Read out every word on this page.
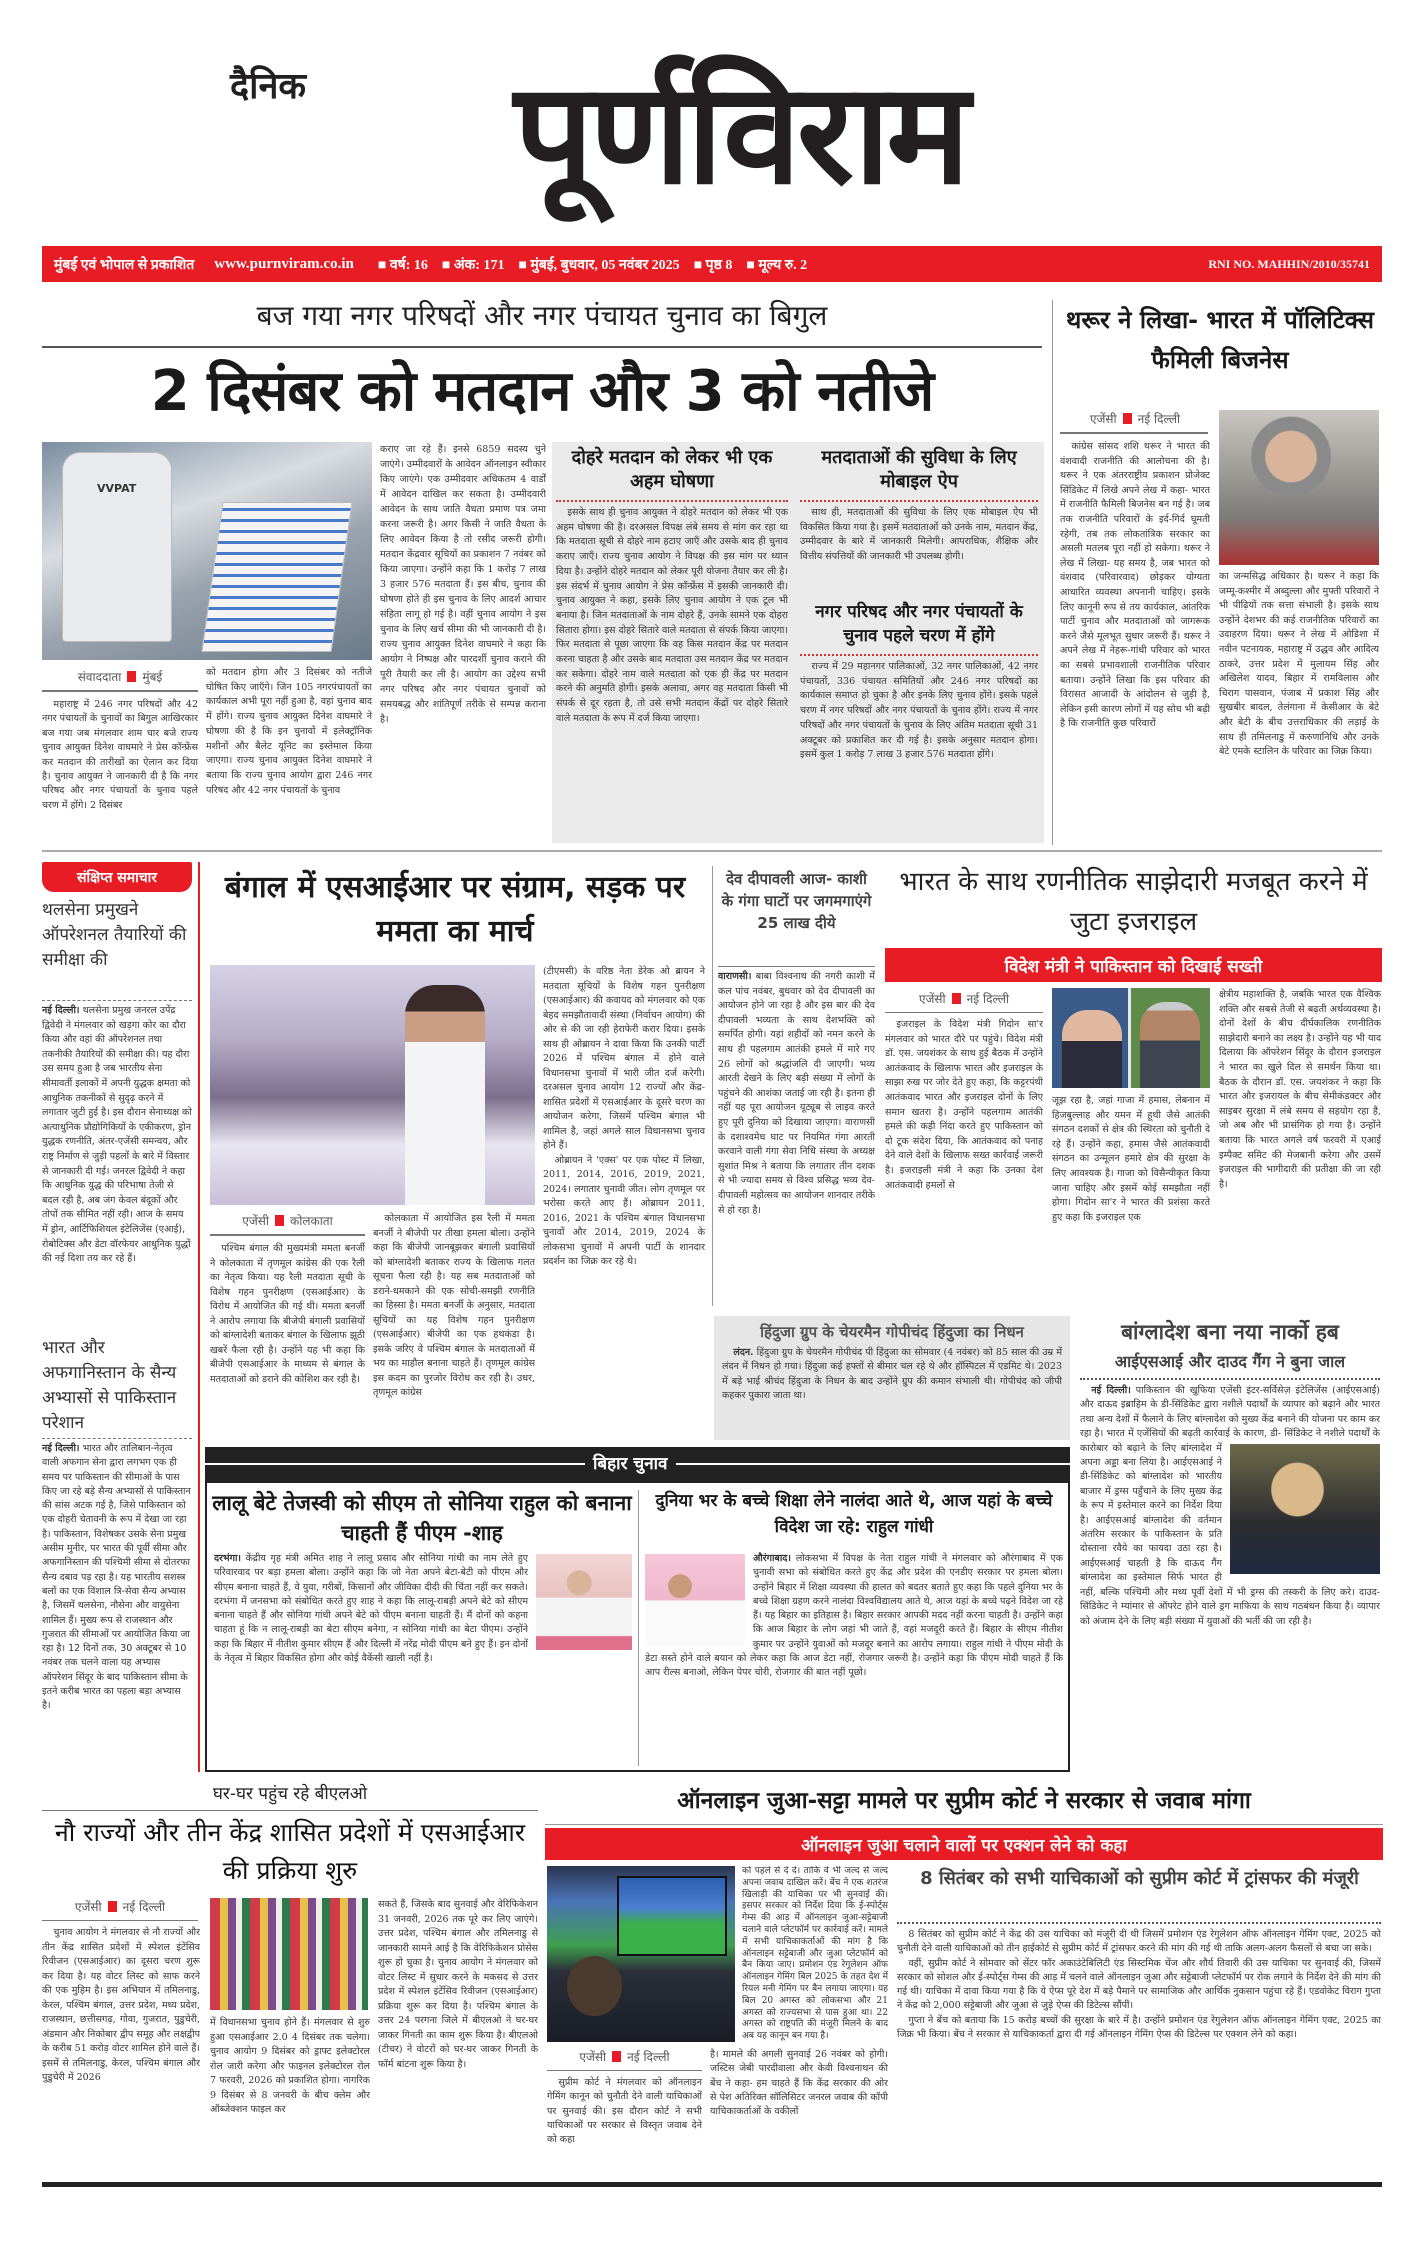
दैनिक	पूर्णविराम
मुंबई एवं भोपाल से प्रकाशित www.purnviram.co.in ■ वर्ष: 16 ■ अंक: 171 ■ मुंबई, बुधवार, 05 नवंबर 2025 ■ पृष्ठ 8 ■ मूल्य रु. 2	RNI NO. MAHHIN/2010/35741
बज गया नगर परिषदों और नगर पंचायत चुनाव का बिगुल
2 दिसंबर को मतदान और 3 को नतीजे
VVPAT
संवाददाता मुंबई
महाराष्ट्र में 246 नगर परिषदों और 42 नगर पंचायतों के चुनावों का बिगुल आखिरकार बज गया जब मंगलवार शाम चार बजे राज्य चुनाव आयुक्त दिनेश वाघमारे ने प्रेस कॉन्फ्रेंस कर मतदान की तारीखों का ऐलान कर दिया है। चुनाव आयुक्त ने जानकारी दी है कि नगर परिषद और नगर पंचायतों के चुनाव पहले चरण में होंगे। 2 दिसंबर
को मतदान होगा और 3 दिसंबर को नतीजे घोषित किए जाएँगे। जिन 105 नगरपंचायतों का कार्यकाल अभी पूरा नहीं हुआ है, वहां चुनाव बाद में होंगे। राज्य चुनाव आयुक्त दिनेश वाघमारे ने घोषणा की है कि इन चुनावों में इलेक्ट्रॉनिक मशीनों और बैलेट यूनिट का इस्तेमाल किया जाएगा। राज्य चुनाव आयुक्त दिनेश वाघमारे ने बताया कि राज्य चुनाव आयोग द्वारा 246 नगर परिषद और 42 नगर पंचायतों के चुनाव
कराए जा रहे हैं। इनसे 6859 सदस्य चुने जाएंगे। उम्मीदवारों के आवेदन ऑनलाइन स्वीकार किए जाएंगे। एक उम्मीदवार अधिकतम 4 वार्डों में आवेदन दाखिल कर सकता है। उम्मीदवारी आवेदन के साथ जाति वैधता प्रमाण पत्र जमा करना जरूरी है। अगर किसी ने जाति वैधता के लिए आवेदन किया है तो रसीद जरूरी होगी। मतदान केंद्रवार सूचियों का प्रकाशन 7 नवंबर को किया जाएगा। उन्होंने कहा कि 1 करोड़ 7 लाख 3 हजार 576 मतदाता हैं। इस बीच, चुनाव की घोषणा होते ही इस चुनाव के लिए आदर्श आचार संहिता लागू हो गई है। वहीं चुनाव आयोग ने इस चुनाव के लिए खर्च सीमा की भी जानकारी दी है। राज्य चुनाव आयुक्त दिनेश वाघमारे ने कहा कि आयोग ने निष्पक्ष और पारदर्शी चुनाव कराने की पूरी तैयारी कर ली है। आयोग का उद्देश्य सभी नगर परिषद और नगर पंचायत चुनावों को समयबद्ध और शांतिपूर्ण तरीके से सम्पन्न कराना है।
दोहरे मतदान को लेकर भी एक अहम घोषणा
इसके साथ ही चुनाव आयुक्त ने दोहरे मतदान को लेकर भी एक अहम घोषणा की है। दरअसल विपक्ष लंबे समय से मांग कर रहा था कि मतदाता सूची से दोहरे नाम हटाए जाएँ और उसके बाद ही चुनाव कराए जाएँ। राज्य चुनाव आयोग ने विपक्ष की इस मांग पर ध्यान दिया है। उन्होंने दोहरे मतदान को लेकर पूरी योजना तैयार कर ली है। इस संदर्भ में चुनाव आयोग ने प्रेस कॉन्फ्रेंस में इसकी जानकारी दी। चुनाव आयुक्त ने कहा, इसके लिए चुनाव आयोग ने एक टूल भी बनाया है। जिन मतदाताओं के नाम दोहरे हैं, उनके सामने एक दोहरा सितारा होगा। इस दोहरे सितारे वाले मतदाता से संपर्क किया जाएगा। फिर मतदाता से पूछा जाएगा कि वह किस मतदान केंद्र पर मतदान करना चाहता है और उसके बाद मतदाता उस मतदान केंद्र पर मतदान कर सकेगा। दोहरे नाम वाले मतदाता को एक ही केंद्र पर मतदान करने की अनुमति होगी। इसके अलावा, अगर वह मतदाता किसी भी संपर्क से दूर रहता है, तो उसे सभी मतदान केंद्रों पर दोहरे सितारे वाले मतदाता के रूप में दर्ज किया जाएगा।
मतदाताओं की सुविधा के लिए मोबाइल ऐप
साथ ही, मतदाताओं की सुविधा के लिए एक मोबाइल ऐप भी विकसित किया गया है। इसमें मतदाताओं को उनके नाम, मतदान केंद्र, उम्मीदवार के बारे में जानकारी मिलेगी। आपराधिक, शैक्षिक और वित्तीय संपत्तियों की जानकारी भी उपलब्ध होगी।
नगर परिषद और नगर पंचायतों के चुनाव पहले चरण में होंगे
राज्य में 29 महानगर पालिकाओं, 32 नगर पालिकाओं, 42 नगर पंचायतों, 336 पंचायत समितियों और 246 नगर परिषदों का कार्यकाल समाप्त हो चुका है और इनके लिए चुनाव होंगे। इसके पहले चरण में नगर परिषदों और नगर पंचायतों के चुनाव होंगे। राज्य में नगर परिषदों और नगर पंचायतों के चुनाव के लिए अंतिम मतदाता सूची 31 अक्टूबर को प्रकाशित कर दी गई है। इसके अनुसार मतदान होगा। इसमें कुल 1 करोड़ 7 लाख 3 हजार 576 मतदाता होंगे।
थरूर ने लिखा- भारत में पॉलिटिक्स फैमिली बिजनेस
एजेंसी नई दिल्ली
कांग्रेस सांसद शशि थरूर ने भारत की वंशवादी राजनीति की आलोचना की है। थरूर ने एक अंतरराष्ट्रीय प्रकाशन प्रोजेक्ट सिंडिकेट में लिखे अपने लेख में कहा- भारत में राजनीति फैमिली बिजनेस बन गई है। जब तक राजनीति परिवारों के इर्द-गिर्द घूमती रहेगी, तब तक लोकतांत्रिक सरकार का असली मतलब पूरा नहीं हो सकेगा। थरूर ने लेख में लिखा- यह समय है, जब भारत को वंशवाद (परिवारवाद) छोड़कर योग्यता आधारित व्यवस्था अपनानी चाहिए। इसके लिए कानूनी रूप से तय कार्यकाल, आंतरिक पार्टी चुनाव और मतदाताओं को जागरूक करने जैसे मूलभूत सुधार जरूरी हैं। थरूर ने अपने लेख में नेहरू-गांधी परिवार को भारत का सबसे प्रभावशाली राजनीतिक परिवार बताया। उन्होंने लिखा कि इस परिवार की विरासत आजादी के आंदोलन से जुड़ी है, लेकिन इसी कारण लोगों में यह सोच भी बढ़ी है कि राजनीति कुछ परिवारों
का जन्मसिद्ध अधिकार है। थरूर ने कहा कि जम्मू-कश्मीर में अब्दुल्ला और मुफ्ती परिवारों ने भी पीढ़ियों तक सत्ता संभाली है। इसके साथ उन्होंने देशभर की कई राजनीतिक परिवारों का उदाहरण दिया। थरूर ने लेख में ओडिशा में नवीन पटनायक, महाराष्ट्र में उद्धव और आदित्य ठाकरे, उत्तर प्रदेश में मुलायम सिंह और अखिलेश यादव, बिहार में रामविलास और चिराग पासवान, पंजाब में प्रकाश सिंह और सुखबीर बादल, तेलंगाना में केसीआर के बेटे और बेटी के बीच उत्तराधिकार की लड़ाई के साथ ही तमिलनाडु में करुणानिधि और उनके बेटे एमके स्टालिन के परिवार का जिक्र किया।
संक्षिप्त समाचार
थलसेना प्रमुखने ऑपरेशनल तैयारियों की समीक्षा की
नई दिल्ली। थलसेना प्रमुख जनरल उपेंद्र द्विवेदी ने मंगलवार को खड़गा कोर का दौरा किया और वहां की ऑपरेशनल तथा तकनीकी तैयारियों की समीक्षा की। यह दौरा उस समय हुआ है जब भारतीय सेना सीमावर्ती इलाकों में अपनी युद्धक क्षमता को आधुनिक तकनीकों से सुदृढ़ करने में लगातार जुटी हुई है। इस दौरान सेनाध्यक्ष को अत्याधुनिक प्रौद्योगिकियों के एकीकरण, ड्रोन युद्धक रणनीति, अंतर-एजेंसी समन्वय, और राष्ट्र निर्माण से जुड़ी पहलों के बारे में विस्तार से जानकारी दी गई। जनरल द्विवेदी ने कहा कि आधुनिक युद्ध की परिभाषा तेजी से बदल रही है, अब जंग केवल बंदूकों और तोपों तक सीमित नहीं रही। आज के समय में ड्रोन, आर्टिफिशियल इंटेलिजेंस (एआई), रोबोटिक्स और डेटा वॉरफेयर आधुनिक युद्धों की नई दिशा तय कर रहे हैं।
भारत और अफगानिस्तान के सैन्य अभ्यासों से पाकिस्तान परेशान
नई दिल्ली। भारत और तालिबान-नेतृत्व वाली अफगान सेना द्वारा लगभग एक ही समय पर पाकिस्तान की सीमाओं के पास किए जा रहे बड़े सैन्य अभ्यासों से पाकिस्तान की सांस अटक गई है, जिसे पाकिस्तान को एक दोहरी चेतावनी के रूप में देखा जा रहा है। पाकिस्तान, विशेषकर उसके सेना प्रमुख असीम मुनीर, पर भारत की पूर्वी सीमा और अफगानिस्तान की पश्चिमी सीमा से दोतरफा सैन्य दबाव पड़ रहा है। यह भारतीय सशस्त्र बलों का एक विशाल त्रि-सेवा सैन्य अभ्यास है, जिसमें थलसेना, नौसेना और वायुसेना शामिल हैं। मुख्य रूप से राजस्थान और गुजरात की सीमाओं पर आयोजित किया जा रहा है। 12 दिनों तक, 30 अक्टूबर से 10 नवंबर तक चलने वाला यह अभ्यास ऑपरेशन सिंदूर के बाद पाकिस्तान सीमा के इतने करीब भारत का पहला बड़ा अभ्यास है।
बंगाल में एसआईआर पर संग्राम, सड़क पर ममता का मार्च
एजेंसी कोलकाता
पश्चिम बंगाल की मुख्यमंत्री ममता बनर्जी ने कोलकाता में तृणमूल कांग्रेस की एक रैली का नेतृत्व किया। यह रैली मतदाता सूची के विशेष गहन पुनरीक्षण (एसआईआर) के विरोध में आयोजित की गई थी। ममता बनर्जी ने आरोप लगाया कि बीजेपी बंगाली प्रवासियों को बांग्लादेशी बताकर बंगाल के खिलाफ झूठी खबरें फैला रही है। उन्होंने यह भी कहा कि बीजेपी एसआईआर के माध्यम से बंगाल के मतदाताओं को डराने की कोशिश कर रही है।
कोलकाता में आयोजित इस रैली में ममता बनर्जी ने बीजेपी पर तीखा हमला बोला। उन्होंने कहा कि बीजेपी जानबूझकर बंगाली प्रवासियों को बांग्लादेशी बताकर राज्य के खिलाफ गलत सूचना फैला रही है। यह सब मतदाताओं को डराने-धमकाने की एक सोची-समझी रणनीति का हिस्सा है। ममता बनर्जी के अनुसार, मतदाता सूचियों का यह विशेष गहन पुनरीक्षण (एसआईआर) बीजेपी का एक हथकंडा है। इसके जरिए वे पश्चिम बंगाल के मतदाताओं में भय का माहौल बनाना चाहते हैं। तृणमूल कांग्रेस इस कदम का पुरजोर विरोध कर रही है। उधर, तृणमूल कांग्रेस

(टीएमसी) के वरिष्ठ नेता डेरेक ओ ब्रायन ने मतदाता सूचियों के विशेष गहन पुनरीक्षण (एसआईआर) की कवायद को मंगलवार को एक बेहद समझौतावादी संस्था (निर्वाचन आयोग) की ओर से की जा रही हेराफेरी करार दिया। इसके साथ ही ओब्रायन ने दावा किया कि उनकी पार्टी 2026 में पश्चिम बंगाल में होने वाले विधानसभा चुनावों में भारी जीत दर्ज करेगी। दरअसल चुनाव आयोग 12 राज्यों और केंद्र-शासित प्रदेशों में एसआईआर के दूसरे चरण का आयोजन करेगा, जिसमें पश्चिम बंगाल भी शामिल है, जहां अगले साल विधानसभा चुनाव होने हैं।

ओब्रायन ने 'एक्स' पर एक पोस्ट में लिखा, 2011, 2014, 2016, 2019, 2021, 2024। लगातार चुनावी जीत। लोग तृणमूल पर भरोसा करते आए हैं। ओब्रायन 2011, 2016, 2021 के पश्चिम बंगाल विधानसभा चुनावों और 2014, 2019, 2024 के लोकसभा चुनावों में अपनी पार्टी के शानदार प्रदर्शन का जिक्र कर रहे थे।

देव दीपावली आज- काशी के गंगा घाटों पर जगमगाएंगे 25 लाख दीये
वाराणसी। बाबा विश्वनाथ की नगरी काशी में कल पांच नवंबर, बुधवार को देव दीपावली का आयोजन होने जा रहा है और इस बार की देव दीपावली भव्यता के साथ देशभक्ति को समर्पित होगी। यहां शहीदों को नमन करने के साथ ही पहलगाम आतंकी हमले में मारे गए 26 लोगों को श्रद्धांजलि दी जाएगी। भव्य आरती देखने के लिए बड़ी संख्या में लोगों के पहुंचने की आशंका जताई जा रही है। इतना ही नहीं यह पूरा आयोजन यूट्यूब से लाइव करते हुए पूरी दुनिया को दिखाया जाएगा। वाराणसी के दशाश्वमेध घाट पर नियमित गंगा आरती करवाने वाली गंगा सेवा निधि संस्था के अध्यक्ष सुशांत मिश्र ने बताया कि लगातार तीन दशक से भी ज्यादा समय से विश्व प्रसिद्ध भव्य देव-दीपावली महोत्सव का आयोजन शानदार तरीके से हो रहा है।
भारत के साथ रणनीतिक साझेदारी मजबूत करने में जुटा इजराइल
विदेश मंत्री ने पाकिस्तान को दिखाई सख्ती
एजेंसी नई दिल्ली
इजराइल के विदेश मंत्री गिदोन सा'र मंगलवार को भारत दौरे पर पहुंचे। विदेश मंत्री डॉ. एस. जयशंकर के साथ हुई बैठक में उन्होंने आतंकवाद के खिलाफ भारत और इजराइल के साझा रुख पर जोर देते हुए कहा, कि कट्टरपंथी आतंकवाद भारत और इजराइल दोनों के लिए समान खतरा है। उन्होंने पहलगाम आतंकी हमले की कड़ी निंदा करते हुए पाकिस्तान को दो टूक संदेश दिया, कि आतंकवाद को पनाह देने वाले देशों के खिलाफ सख्त कार्रवाई जरूरी है। इजराइली मंत्री ने कहा कि उनका देश आतंकवादी हमलों से
जूझ रहा है, जहां गाजा में हमास, लेबनान में हिजबुल्लाह और यमन में हूथी जैसे आतंकी संगठन दशकों से क्षेत्र की स्थिरता को चुनौती दे रहे हैं। उन्होंने कहा, हमास जैसे आतंकवादी संगठन का उन्मूलन हमारे क्षेत्र की सुरक्षा के लिए आवश्यक है। गाजा को विसैन्यीकृत किया जाना चाहिए और इसमें कोई समझौता नहीं होगा। गिदोन सा'र ने भारत की प्रशंसा करते हुए कहा कि इजराइल एक
क्षेत्रीय महाशक्ति है, जबकि भारत एक वैश्विक शक्ति और सबसे तेजी से बढ़ती अर्थव्यवस्था है। दोनों देशों के बीच दीर्घकालिक रणनीतिक साझेदारी बनाने का लक्ष्य है। उन्होंने यह भी याद दिलाया कि ऑपरेशन सिंदूर के दौरान इजराइल ने भारत का खुले दिल से समर्थन किया था। बैठक के दौरान डॉ. एस. जयशंकर ने कहा कि भारत और इजरायल के बीच सेमीकंडक्टर और साइबर सुरक्षा में लंबे समय से सहयोग रहा है, जो अब और भी प्रासंगिक हो गया है। उन्होंने बताया कि भारत अगले वर्ष फरवरी में एआई इम्पैक्ट समिट की मेजबानी करेगा और उसमें इजराइल की भागीदारी की प्रतीक्षा की जा रही है।
हिंदुजा ग्रुप के चेयरमैन गोपीचंद हिंदुजा का निधन
लंदन. हिंदुजा ग्रुप के चेयरमैन गोपीचंद पी हिंदुजा का सोमवार (4 नवंबर) को 85 साल की उम्र में लंदन में निधन हो गया। हिंदुजा कई हफ्तों से बीमार चल रहे थे और हॉस्पिटल में एडमिट थे। 2023 में बड़े भाई श्रीचंद हिंदुजा के निधन के बाद उन्होंने ग्रुप की कमान संभाली थी। गोपीचंद को जीपी कहकर पुकारा जाता था।
बिहार चुनाव
लालू बेटे तेजस्वी को सीएम तो सोनिया राहुल को बनाना चाहती हैं पीएम -शाह
दरभंगा। केंद्रीय गृह मंत्री अमित शाह ने लालू प्रसाद और सोनिया गांधी का नाम लेते हुए परिवारवाद पर बड़ा हमला बोला। उन्होंने कहा कि जो नेता अपने बेटा-बेटी को पीएम और सीएम बनाना चाहते हैं, वे युवा, गरीबों, किसानों और जीविका दीदी की चिंता नहीं कर सकते। दरभंगा में जनसभा को संबोधित करते हुए शाह ने कहा कि लालू-राबड़ी अपने बेटे को सीएम बनाना चाहते हैं और सोनिया गांधी अपने बेटे को पीएम बनाना चाहती हैं। मैं दोनों को कहना चाहता हूं कि न लालू-राबड़ी का बेटा सीएम बनेगा, न सोनिया गांधी का बेटा पीएम। उन्होंने कहा कि बिहार में नीतीश कुमार सीएम हैं और दिल्ली में नरेंद्र मोदी पीएम बने हुए हैं। इन दोनों के नेतृत्व में बिहार विकसित होगा और कोई वैकेंसी खाली नहीं है।
दुनिया भर के बच्चे शिक्षा लेने नालंदा आते थे, आज यहां के बच्चे विदेश जा रहे: राहुल गांधी
औरंगाबाद। लोकसभा में विपक्ष के नेता राहुल गांधी ने मंगलवार को औरंगाबाद में एक चुनावी सभा को संबोधित करते हुए केंद्र और प्रदेश की एनडीए सरकार पर हमला बोला। उन्होंने बिहार में शिक्षा व्यवस्था की हालत को बदतर बताते हुए कहा कि पहले दुनिया भर के बच्चे शिक्षा ग्रहण करने नालंदा विश्वविद्यालय आते थे, आज यहां के बच्चे पढ़ने विदेश जा रहे हैं। यह बिहार का इतिहास है। बिहार सरकार आपकी मदद नहीं करना चाहती है। उन्होंने कहा कि आज बिहार के लोग जहां भी जाते हैं, वहां मजदूरी करते हैं। बिहार के सीएम नीतीश कुमार पर उन्होंने युवाओं को मजदूर बनाने का आरोप लगाया। राहुल गांधी ने पीएम मोदी के डेटा सस्ते होने वाले बयान को लेकर कहा कि आज डेटा नहीं, रोजगार जरूरी है। उन्होंने कहा कि पीएम मोदी चाहते हैं कि आप रील्स बनाओ, लेकिन पेपर चोरी, रोजगार की बात नहीं पूछो।
बांग्लादेश बना नया नार्को हब
आईएसआई और दाउद गैंग ने बुना जाल
नई दिल्ली। पाकिस्तान की खुफिया एजेंसी इंटर-सर्विसेज़ इंटेलिजेंस (आईएसआई) और दाऊद इब्राहिम के डी-सिंडिकेट द्वारा नशीले पदार्थों के व्यापार को बढ़ाने और भारत तथा अन्य देशों में फैलाने के लिए बांग्लादेश को मुख्य केंद्र बनाने की योजना पर काम कर रहा है। भारत में एजेंसियों की बढ़ती कार्रवाई के कारण, डी- सिंडिकेट ने नशीले पदार्थों के कारोबार को बढ़ाने के लिए बांग्लादेश में अपना अड्डा बना लिया है। आईएसआई ने डी-सिंडिकेट को बांग्लादेश को भारतीय बाजार में ड्रग्स पहुँचाने के लिए मुख्य केंद्र के रूप में इस्तेमाल करने का निर्देश दिया है। आईएसआई बांग्लादेश की वर्तमान अंतरिम सरकार के पाकिस्तान के प्रति दोस्ताना रवैये का फायदा उठा रहा है। आईएसआई चाहती है कि दाऊद गैंग बांग्लादेश का इस्तेमाल सिर्फ भारत ही नहीं, बल्कि पश्चिमी और मध्य पूर्वी देशों में भी ड्रग्स की तस्करी के लिए करे। दाउद-सिंडिकेट ने म्यांमार से ऑपरेट होने वाले ड्रग माफिया के साथ गठबंधन किया है। व्यापार को अंजाम देने के लिए बड़ी संख्या में युवाओं की भर्ती की जा रही है।
घर-घर पहुंच रहे बीएलओ
नौ राज्यों और तीन केंद्र शासित प्रदेशों में एसआईआर की प्रक्रिया शुरु
एजेंसी नई दिल्ली
चुनाव आयोग ने मंगलवार से नौ राज्यों और तीन केंद्र शासित प्रदेशों में स्पेशल इंटेंसिव रिवीजन (एसआईआर) का दूसरा चरण शुरू कर दिया है। यह वोटर लिस्ट को साफ करने की एक मुहिम है। इस अभियान में तमिलनाडु, केरल, पश्चिम बंगाल, उत्तर प्रदेश, मध्य प्रदेश, राजस्थान, छत्तीसगढ़, गोवा, गुजरात, पुडुचेरी, अंडमान और निकोबार द्वीप समूह और लक्षद्वीप के करीब 51 करोड़ वोटर शामिल होने वाले हैं। इसमें से तमिलनाडु, केरल, पश्चिम बंगाल और पुडुचेरी में 2026
में विधानसभा चुनाव होने हैं। मंगलवार से शुरु हुआ एसआईआर 2.0 4 दिसंबर तक चलेगा। चुनाव आयोग 9 दिसंबर को ड्राफ्ट इलेक्टोरल रोल जारी करेगा और फाइनल इलेक्टोरल रोल 7 फरवरी, 2026 को प्रकाशित होगा। नागरिक 9 दिसंबर से 8 जनवरी के बीच क्लेम और ऑब्जेक्शन फाइल कर
सकते हैं, जिसके बाद सुनवाई और वेरिफिकेशन 31 जनवरी, 2026 तक पूरे कर लिए जाएंगे। उत्तर प्रदेश, पश्चिम बंगाल और तमिलनाडु से जानकारी सामने आई है कि वेरिफिकेशन प्रोसेस शुरू हो चुका है। चुनाव आयोग ने मंगलवार को वोटर लिस्ट में सुधार करने के मकसद से उत्तर प्रदेश में स्पेशल इंटेंसिव रिवीजन (एसआईआर) प्रक्रिया शुरू कर दिया है। पश्चिम बंगाल के उत्तर 24 परगना जिले में बीएलओ ने घर-घर जाकर गिनती का काम शुरू किया है। बीएलओ (टीचर) ने वोटरों को घर-घर जाकर गिनती के फॉर्म बांटना शुरू किया है।
ऑनलाइन जुआ-सट्टा मामले पर सुप्रीम कोर्ट ने सरकार से जवाब मांगा
ऑनलाइन जुआ चलाने वालों पर एक्शन लेने को कहा
एजेंसी नई दिल्ली
सुप्रीम कोर्ट ने मंगलवार को ऑनलाइन गेमिंग कानून को चुनौती देने वाली याचिकाओं पर सुनवाई की। इस दौरान कोर्ट ने सभी याचिकाओं पर सरकार से विस्तृत जवाब देने को कहा
है। मामले की अगली सुनवाई 26 नवंबर को होगी। जस्टिस जेबी पारदीवाला और केवी विश्वनाथन की बेंच ने कहा- हम चाहते हैं कि केंद्र सरकार की ओर से पेश अतिरिक्त सॉलिसिटर जनरल जवाब की कॉपी याचिकाकर्ताओं के वकीलों
को पहले से दे दें। ताकि वे भी जल्द से जल्द अपना जवाब दाखिल करें। बेंच ने एक शतरंज खिलाड़ी की याचिका पर भी सुनवाई की। इसपर सरकार को निर्देश दिया कि ई-स्पोर्ट्स गेम्स की आड़ में ऑनलाइन जुआ-सट्टेबाजी चलाने वाले प्लेटफॉर्म पर कार्रवाई करें। मामले में सभी याचिकाकर्ताओं की मांग है कि ऑनलाइन सट्टेबाजी और जुआ प्लेटफॉर्म को बैन किया जाए। प्रमोशन एंड रेगुलेशन ऑफ ऑनलाइन गेमिंग बिल 2025 के तहत देश में रियल मनी गेमिंग पर बैन लगाया जाएगा। यह बिल 20 अगस्त को लोकसभा और 21 अगस्त को राज्यसभा से पास हुआ था। 22 अगस्त को राष्ट्रपति की मंजूरी मिलने के बाद अब यह कानून बन गया है।
8 सितंबर को सभी याचिकाओं को सुप्रीम कोर्ट में ट्रांसफर की मंजूरी

8 सितंबर को सुप्रीम कोर्ट ने केंद्र की उस याचिका को मंजूरी दी थी जिसमें प्रमोशन एंड रेगुलेशन ऑफ ऑनलाइन गेमिंग एक्ट, 2025 को चुनौती देने वाली याचिकाओं को तीन हाईकोर्ट से सुप्रीम कोर्ट में ट्रांसफर करने की मांग की गई थी ताकि अलग-अलग फैसलों से बचा जा सके।

वहीं, सुप्रीम कोर्ट ने सोमवार को सेंटर फॉर अकाउंटेबिलिटी एंड सिस्टमिक चेंज और शौर्य तिवारी की उस याचिका पर सुनवाई की, जिसमें सरकार को सोशल और ई-स्पोर्ट्स गेम्स की आड़ में चलने वाले ऑनलाइन जुआ और सट्टेबाजी प्लेटफॉर्म पर रोक लगाने के निर्देश देने की मांग की गई थी। याचिका में दावा किया गया है कि ये ऐप्स पूरे देश में बड़े पैमाने पर सामाजिक और आर्थिक नुकसान पहुंचा रहे हैं। एडवोकेट विराग गुप्ता ने केंद्र को 2,000 सट्टेबाजी और जुआ से जुड़े ऐप्स की डिटेल्स सौंपीं।

गुप्ता ने बेंच को बताया कि 15 करोड़ बच्चों की सुरक्षा के बारे में है। उन्होंने प्रमोशन एंड रेगुलेशन ऑफ ऑनलाइन गेमिंग एक्ट, 2025 का जिक्र भी किया। बेंच ने सरकार से याचिकाकर्ता द्वारा दी गई ऑनलाइन गेमिंग ऐप्स की डिटेल्स पर एक्शन लेने को कहा।
